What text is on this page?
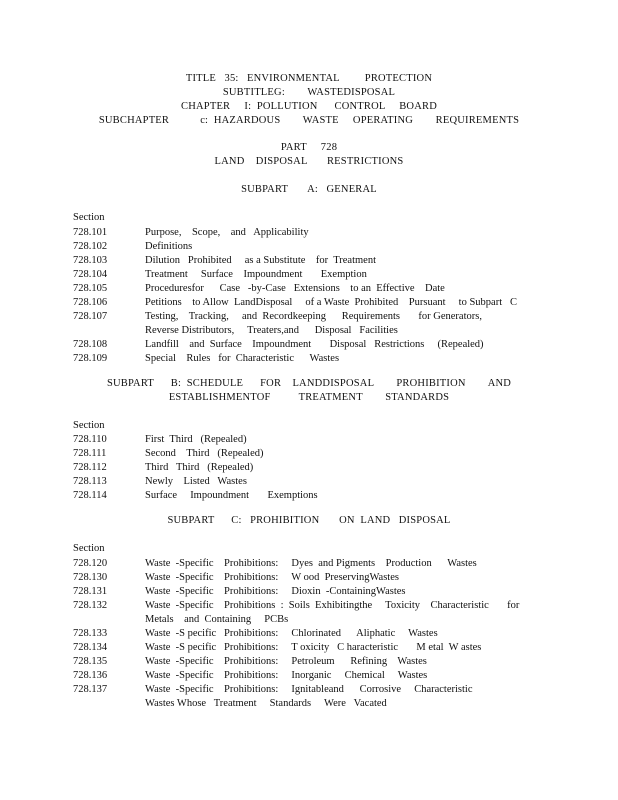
TITLE   35:   ENVIRONMENTAL         PROTECTION
SUBTITLEG:        WASTEDISPOSAL
CHAPTER     I:  POLLUTION      CONTROL     BOARD
SUBCHAPTER           c:  HAZARDOUS        WASTE     OPERATING        REQUIREMENTS
PART     728
LAND    DISPOSAL       RESTRICTIONS
SUBPART       A:   GENERAL
Section
728.101	Purpose,    Scope,    and   Applicability
728.102	Definitions
728.103	Dilution   Prohibited     as a Substitute    for  Treatment
728.104	Treatment     Surface    Impoundment       Exemption
728.105	Proceduresfor      Case   -by-Case   Extensions    to an  Effective    Date
728.106	Petitions    to Allow  LandDisposal     of a Waste  Prohibited    Pursuant     to Subpart   C
728.107	Testing,    Tracking,     and  Recordkeeping      Requirements       for Generators,     Reverse Distributors,     Treaters,and      Disposal   Facilities
728.108	Landfill    and  Surface    Impoundment       Disposal   Restrictions     (Repealed)
728.109	Special    Rules   for  Characteristic      Wastes
SUBPART      B:  SCHEDULE      FOR    LANDDISPOSAL        PROHIBITION        AND
ESTABLISHMENTOF          TREATMENT        STANDARDS
Section
728.110	First  Third   (Repealed)
728.111	Second    Third   (Repealed)
728.112	Third   Third   (Repealed)
728.113	Newly    Listed   Wastes
728.114	Surface     Impoundment       Exemptions
SUBPART      C:   PROHIBITION       ON  LAND   DISPOSAL
Section
728.120	Waste  -Specific    Prohibitions:     Dyes  and Pigments    Production      Wastes
728.130	Waste  -Specific    Prohibitions:     W ood  PreservingWastes
728.131	Waste  -Specific    Prohibitions:     Dioxin  -ContainingWastes
728.132	Waste  -Specific    Prohibitions  :  Soils  Exhibitingthe     Toxicity    Characteristic       for Metals    and  Containing     PCBs
728.133	Waste  -S pecific   Prohibitions:     Chlorinated      Aliphatic     Wastes
728.134	Waste  -S pecific   Prohibitions:     T oxicity   C haracteristic       M etal  W astes
728.135	Waste  -Specific    Prohibitions:     Petroleum      Refining    Wastes
728.136	Waste  -Specific    Prohibitions:     Inorganic     Chemical     Wastes
728.137	Waste  -Specific    Prohibitions:     Ignitableand      Corrosive     Characteristic       Wastes Whose   Treatment     Standards     Were   Vacated
